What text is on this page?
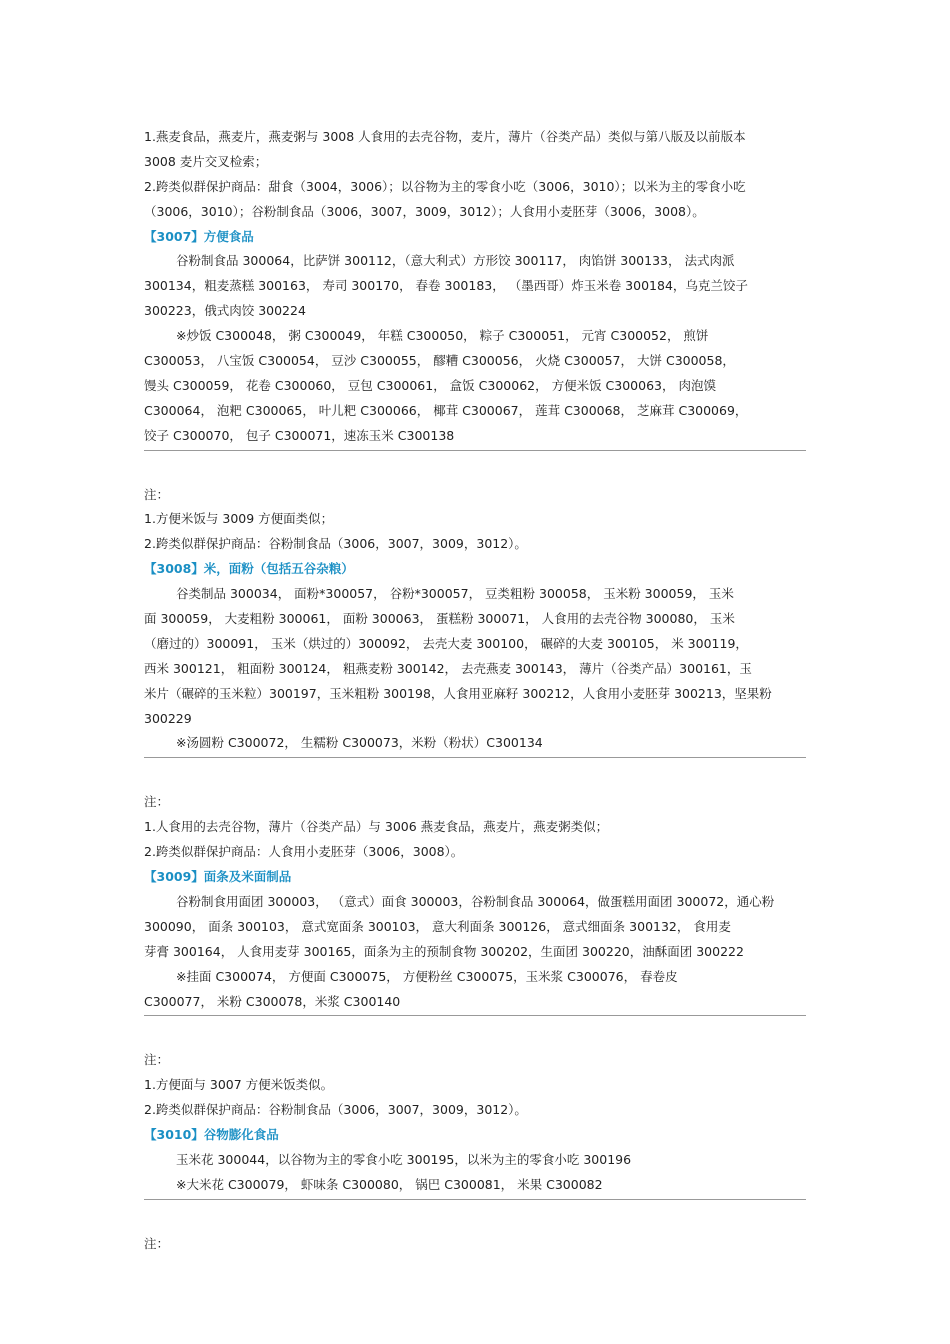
1.燕麦食品，燕麦片，燕麦粥与 3008 人食用的去壳谷物，麦片，薄片（谷类产品）类似与第八版及以前版本
3008 麦片交叉检索；
2.跨类似群保护商品：甜食（3004，3006）；以谷物为主的零食小吃（3006，3010）；以米为主的零食小吃
（3006，3010）；谷粉制食品（3006，3007，3009，3012）；人食用小麦胚芽（3006，3008）。
【3007】方便食品
谷粉制食品 300064，比萨饼 300112，（意大利式）方形饺 300117， 肉馅饼 300133， 法式肉派
300134，粗麦蒸糕 300163， 寿司 300170， 春卷 300183， （墨西哥）炸玉米卷 300184，乌克兰饺子
300223，俄式肉饺 300224
※炒饭 C300048， 粥 C300049， 年糕 C300050， 粽子 C300051， 元宵 C300052， 煎饼
C300053， 八宝饭 C300054， 豆沙 C300055， 醪糟 C300056， 火烧 C300057， 大饼 C300058，
馒头 C300059， 花卷 C300060， 豆包 C300061， 盒饭 C300062， 方便米饭 C300063， 肉泡馍
C300064， 泡粑 C300065， 叶儿粑 C300066， 椰茸 C300067， 莲茸 C300068， 芝麻茸 C300069，
饺子 C300070， 包子 C300071，速冻玉米 C300138
注：
1.方便米饭与 3009 方便面类似；
2.跨类似群保护商品：谷粉制食品（3006，3007，3009，3012）。
【3008】米，面粉（包括五谷杂粮）
谷类制品 300034， 面粉*300057， 谷粉*300057， 豆类粗粉 300058， 玉米粉 300059， 玉米
面 300059， 大麦粗粉 300061， 面粉 300063， 蛋糕粉 300071， 人食用的去壳谷物 300080， 玉米
（磨过的）300091， 玉米（烘过的）300092， 去壳大麦 300100， 碾碎的大麦 300105， 米 300119，
西米 300121， 粗面粉 300124， 粗燕麦粉 300142， 去壳燕麦 300143， 薄片（谷类产品）300161，玉
米片（碾碎的玉米粒）300197，玉米粗粉 300198，人食用亚麻籽 300212，人食用小麦胚芽 300213，坚果粉
300229
※汤圆粉 C300072， 生糯粉 C300073，米粉（粉状）C300134
注：
1.人食用的去壳谷物，薄片（谷类产品）与 3006 燕麦食品，燕麦片，燕麦粥类似；
2.跨类似群保护商品：人食用小麦胚芽（3006，3008）。
【3009】面条及米面制品
谷粉制食用面团 300003， （意式）面食 300003，谷粉制食品 300064，做蛋糕用面团 300072，通心粉
300090， 面条 300103， 意式宽面条 300103， 意大利面条 300126， 意式细面条 300132， 食用麦
芽膏 300164， 人食用麦芽 300165，面条为主的预制食物 300202，生面团 300220，油酥面团 300222
※挂面 C300074， 方便面 C300075， 方便粉丝 C300075，玉米浆 C300076， 春卷皮
C300077， 米粉 C300078，米浆 C300140
注：
1.方便面与 3007 方便米饭类似。
2.跨类似群保护商品：谷粉制食品（3006，3007，3009，3012）。
【3010】谷物膨化食品
玉米花 300044，以谷物为主的零食小吃 300195，以米为主的零食小吃 300196
※大米花 C300079， 虾味条 C300080， 锅巴 C300081， 米果 C300082
注：
